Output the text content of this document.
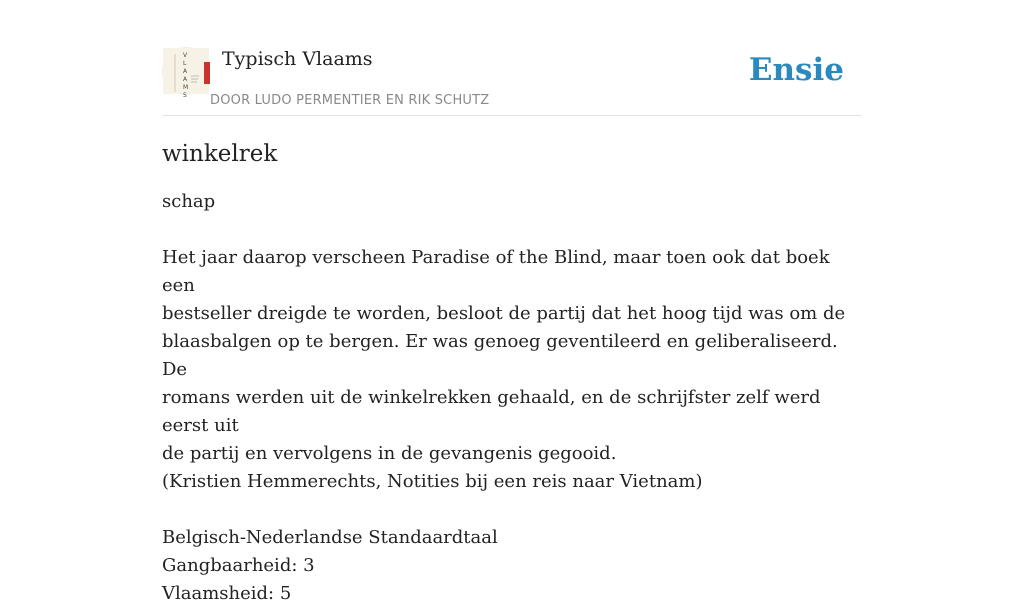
V
L
A
A
M
S
Typisch Vlaams
DOOR LUDO PERMENTIER EN RIK SCHUTZ
Ensie
winkelrek

schap

Het jaar daarop verscheen Paradise of the Blind, maar toen ook dat boek een
bestseller dreigde te worden, besloot de partij dat het hoog tijd was om de
blaasbalgen op te bergen. Er was genoeg geventileerd en geliberaliseerd. De
romans werden uit de winkelrekken gehaald, en de schrijfster zelf werd eerst uit
de partij en vervolgens in de gevangenis gegooid.
(Kristien Hemmerechts, Notities bij een reis naar Vietnam)

Belgisch-Nederlandse Standaardtaal
Gangbaarheid: 3
Vlaamsheid: 5
